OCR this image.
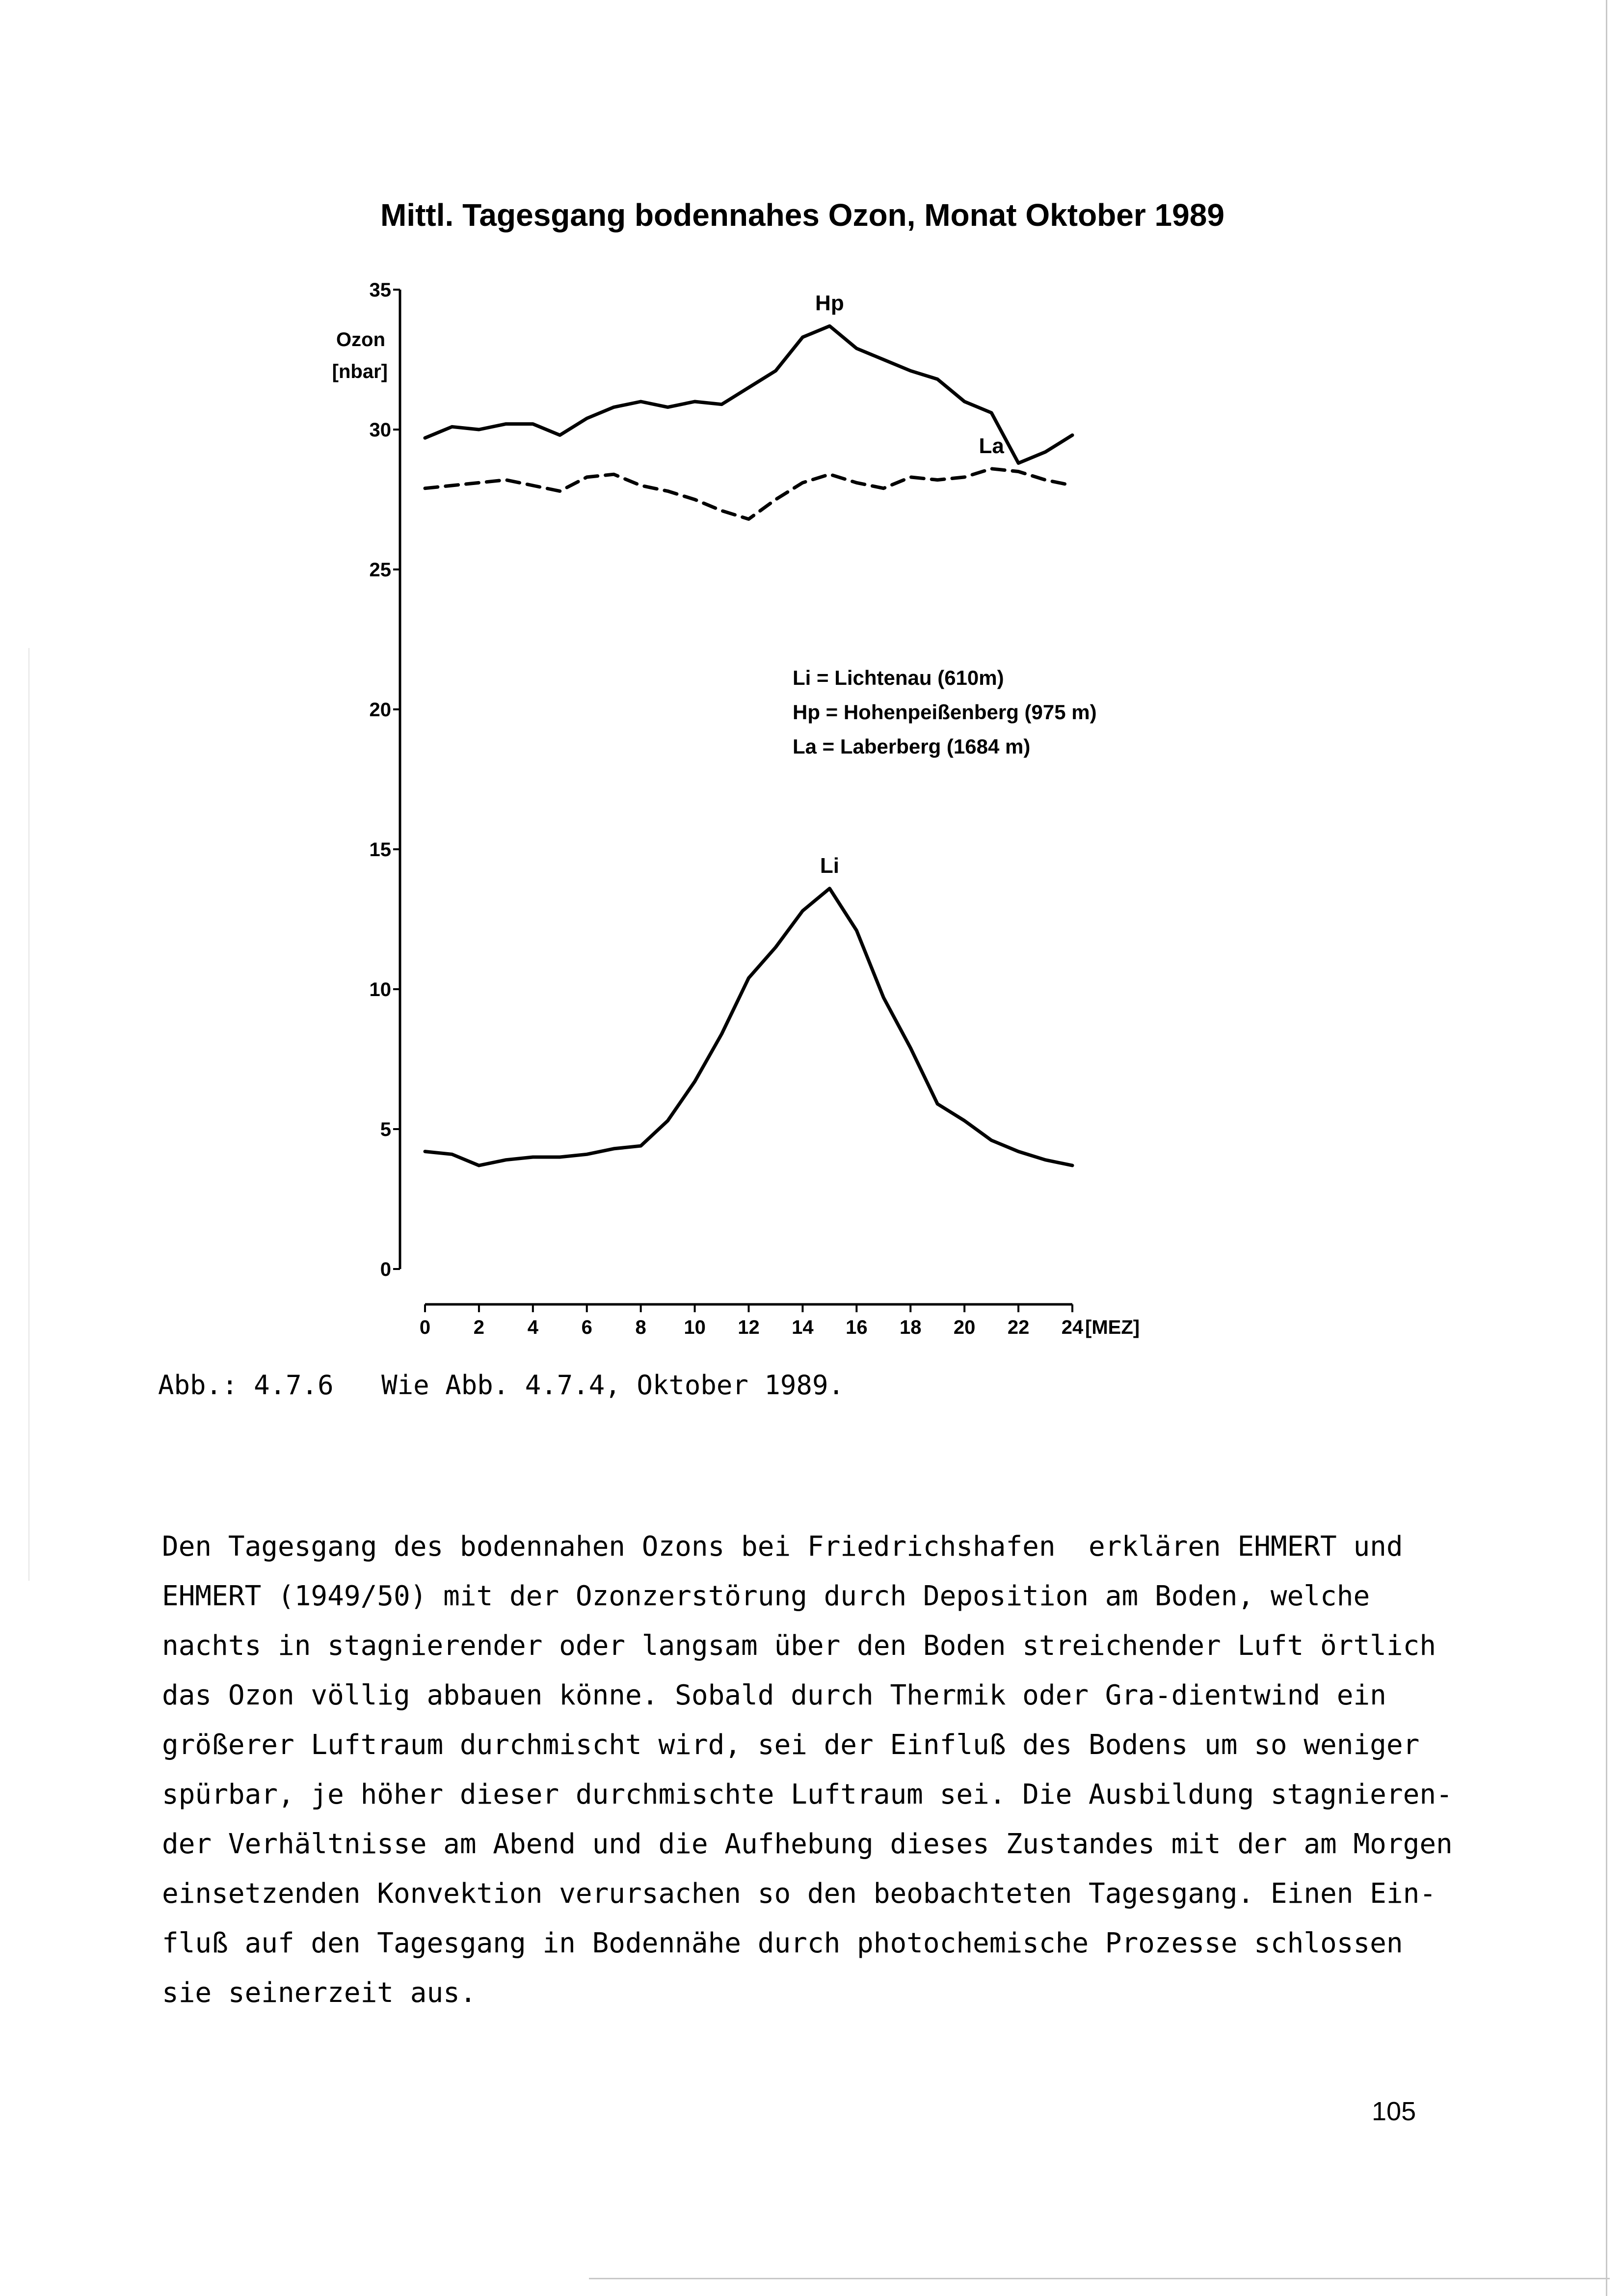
Mittl. Tagesgang bodennahes Ozon, Monat Oktober 1989
0
5
10
15
20
25
30
35
0 2 4 6 8 10 12 14 16 18 20 22 24 [MEZ]
Ozon
[nbar]
Hp
La
Li
Li = Lichtenau (610m)
Hp = Hohenpeißenberg (975 m)
La = Laberberg (1684 m)
Abb.: 4.7.6   Wie Abb. 4.7.4, Oktober 1989.
Den Tagesgang des bodennahen Ozons bei Friedrichshafen  erklären EHMERT und
EHMERT (1949/50) mit der Ozonzerstörung durch Deposition am Boden, welche
nachts in stagnierender oder langsam über den Boden streichender Luft örtlich
das Ozon völlig abbauen könne. Sobald durch Thermik oder Gra-dientwind ein
größerer Luftraum durchmischt wird, sei der Einfluß des Bodens um so weniger
spürbar, je höher dieser durchmischte Luftraum sei. Die Ausbildung stagnieren-
der Verhältnisse am Abend und die Aufhebung dieses Zustandes mit der am Morgen
einsetzenden Konvektion verursachen so den beobachteten Tagesgang. Einen Ein-
fluß auf den Tagesgang in Bodennähe durch photochemische Prozesse schlossen
sie seinerzeit aus.
105
